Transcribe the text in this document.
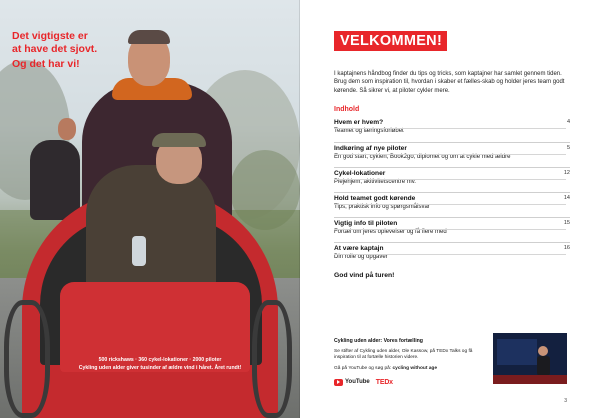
Det vigtigste er
at have det sjovt.
Og det har vi!
500 rickshaws · 360 cykel-lokationer · 2000 piloter
Cykling uden alder giver tusinder af ældre vind i håret. Året rundt!
VELKOMMEN!

I kaptajnens håndbog finder du tips og tricks, som kaptajner har samlet gennem tiden. Brug dem som inspiration til, hvordan i skaber et fælles-skab og holder jeres team godt kørende. Så sikrer vi, at piloter cykler mere.

Indhold
Hvem er hvem?
Teamet og læringsforløbet
4
Indkøring af nye piloter
En god start, cyklen, Book2go, diplomet og om at cykle med ældre
5
Cykel-lokationer
Plejehjem, akitivitetscentre mv.
12
Hold teamet godt kørende
Tips, praktisk info og spørgsmålsvar
14
Vigtig info til piloten
Fortæl om jeres oplevelser og få flere med
15
At være kaptajn
Din rolle og opgaver
16
God vind på turen!
Cykling uden alder: Vores fortælling
Se stifter af Cykling uden alder, Ole Kassow, på TEDx Talks og få inspiration til at fortælle historien videre.
Gå på YouTube og søg på: cycling without age
YouTube TEDx
3
